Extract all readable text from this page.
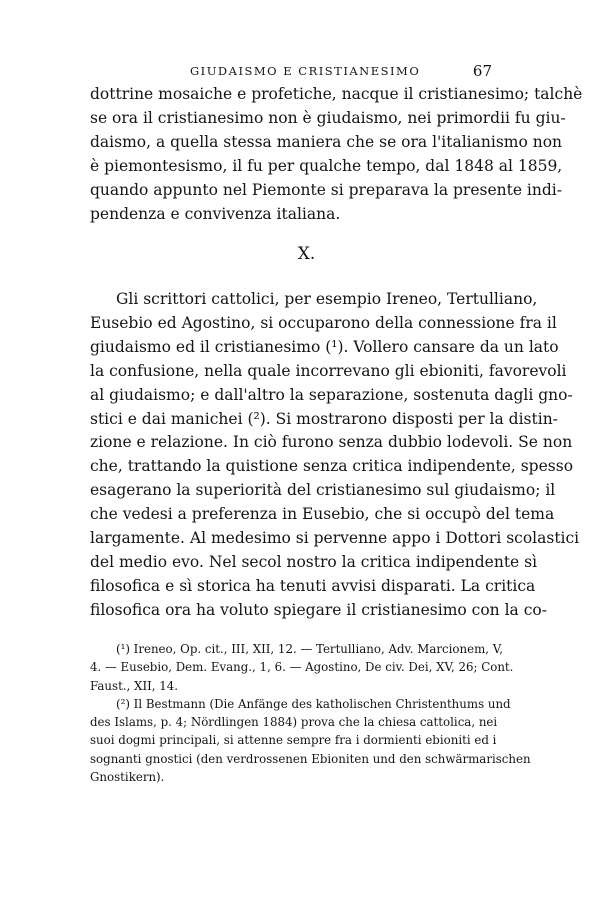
GIUDAISMO E CRISTIANESIMO	67
dottrine mosaiche e profetiche, nacque il cristianesimo; talchè
se ora il cristianesimo non è giudaismo, nei primordii fu giu-
daismo, a quella stessa maniera che se ora l'italianismo non
è piemontesismo, il fu per qualche tempo, dal 1848 al 1859,
quando appunto nel Piemonte si preparava la presente indi-
pendenza e convivenza italiana.
X.
Gli scrittori cattolici, per esempio Ireneo, Tertulliano,
Eusebio ed Agostino, si occuparono della connessione fra il
giudaismo ed il cristianesimo (¹). Vollero cansare da un lato
la confusione, nella quale incorrevano gli ebioniti, favorevoli
al giudaismo; e dall'altro la separazione, sostenuta dagli gno-
stici e dai manichei (²). Si mostrarono disposti per la distin-
zione e relazione. In ciò furono senza dubbio lodevoli. Se non
che, trattando la quistione senza critica indipendente, spesso
esagerano la superiorità del cristianesimo sul giudaismo; il
che vedesi a preferenza in Eusebio, che si occupò del tema
largamente. Al medesimo si pervenne appo i Dottori scolastici
del medio evo. Nel secol nostro la critica indipendente sì
filosofica e sì storica ha tenuti avvisi disparati. La critica
filosofica ora ha voluto spiegare il cristianesimo con la co-
(¹) Ireneo, Op. cit., III, XII, 12. — Tertulliano, Adv. Marcionem, V,
4. — Eusebio, Dem. Evang., 1, 6. — Agostino, De civ. Dei, XV, 26; Cont.
Faust., XII, 14.
(²) Il Bestmann (Die Anfänge des katholischen Christenthums und
des Islams, p. 4; Nördlingen 1884) prova che la chiesa cattolica, nei
suoi dogmi principali, si attenne sempre fra i dormienti ebioniti ed i
sognanti gnostici (den verdrossenen Ebioniten und den schwärmarischen
Gnostikern).
